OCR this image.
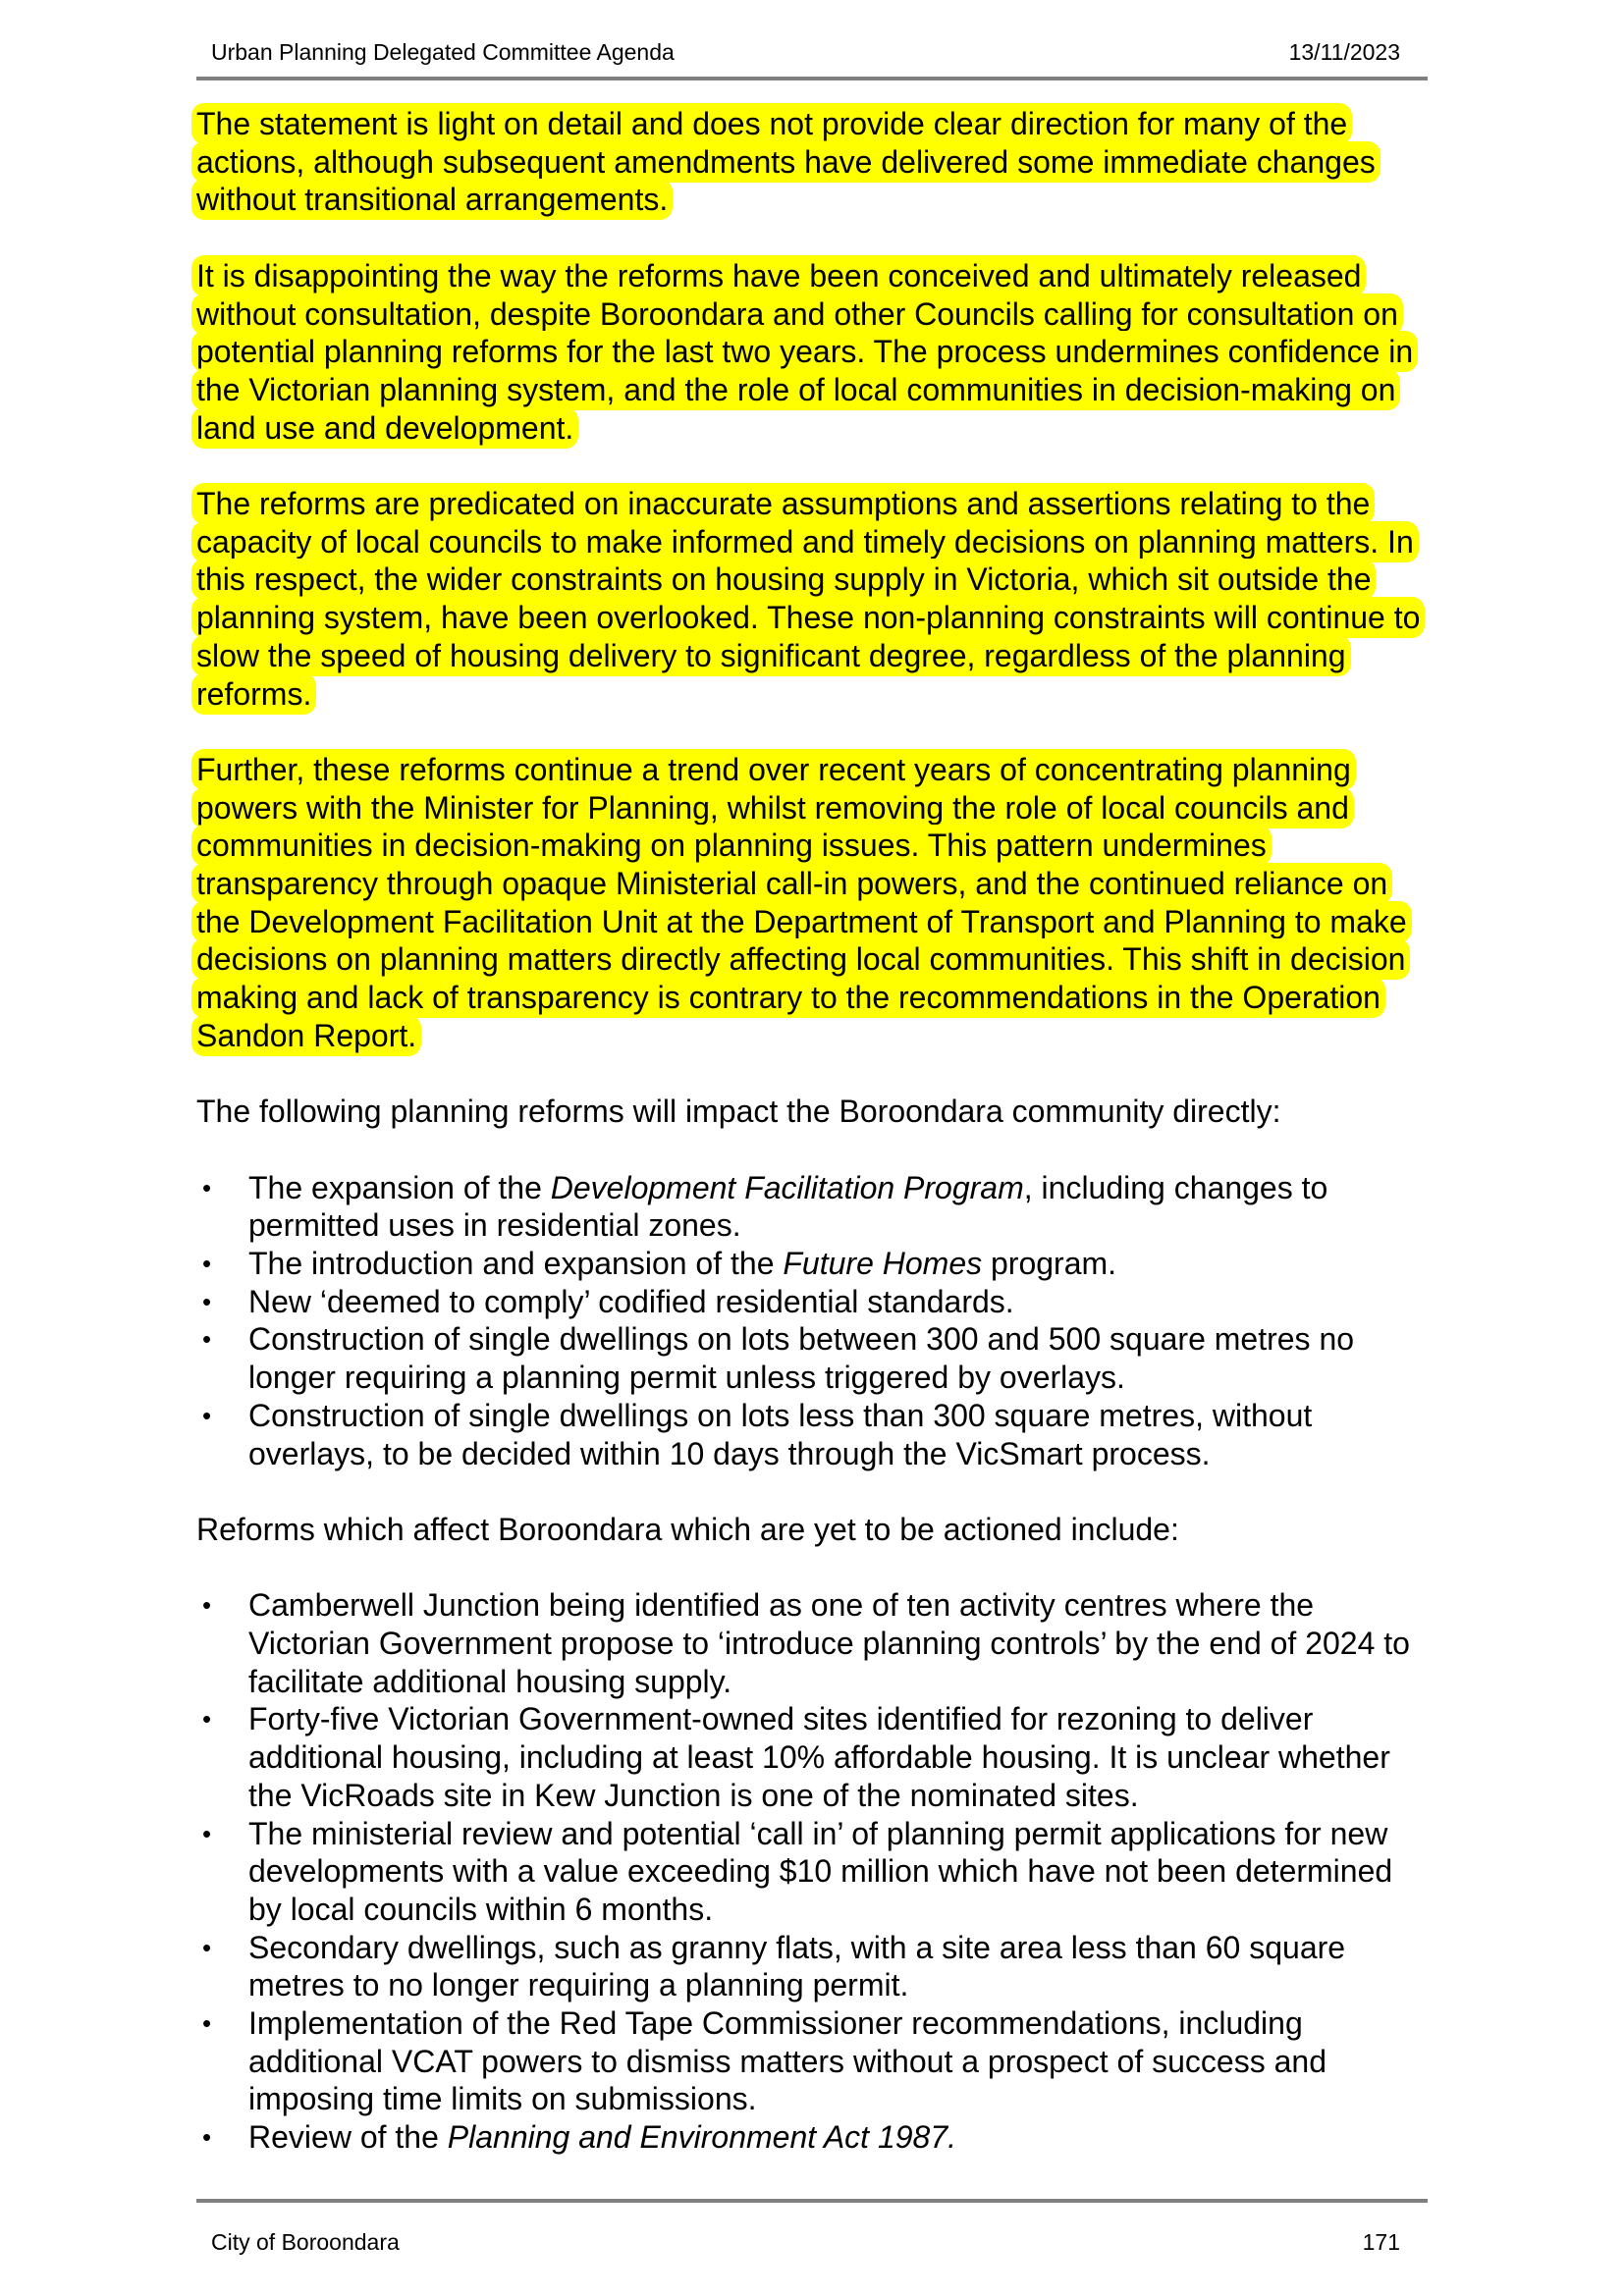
Urban Planning Delegated Committee Agenda	13/11/2023

The statement is light on detail and does not provide clear direction for many of the actions, although subsequent amendments have delivered some immediate changes without transitional arrangements.

It is disappointing the way the reforms have been conceived and ultimately released without consultation, despite Boroondara and other Councils calling for consultation on potential planning reforms for the last two years. The process undermines confidence in the Victorian planning system, and the role of local communities in decision-making on land use and development.

The reforms are predicated on inaccurate assumptions and assertions relating to the capacity of local councils to make informed and timely decisions on planning matters. In this respect, the wider constraints on housing supply in Victoria, which sit outside the planning system, have been overlooked. These non-planning constraints will continue to slow the speed of housing delivery to significant degree, regardless of the planning reforms.

Further, these reforms continue a trend over recent years of concentrating planning powers with the Minister for Planning, whilst removing the role of local councils and communities in decision-making on planning issues. This pattern undermines transparency through opaque Ministerial call-in powers, and the continued reliance on the Development Facilitation Unit at the Department of Transport and Planning to make decisions on planning matters directly affecting local communities. This shift in decision making and lack of transparency is contrary to the recommendations in the Operation Sandon Report.

The following planning reforms will impact the Boroondara community directly:

• The expansion of the Development Facilitation Program, including changes to permitted uses in residential zones.
• The introduction and expansion of the Future Homes program.
• New ‘deemed to comply’ codified residential standards.
• Construction of single dwellings on lots between 300 and 500 square metres no longer requiring a planning permit unless triggered by overlays.
• Construction of single dwellings on lots less than 300 square metres, without overlays, to be decided within 10 days through the VicSmart process.

Reforms which affect Boroondara which are yet to be actioned include:

• Camberwell Junction being identified as one of ten activity centres where the Victorian Government propose to ‘introduce planning controls’ by the end of 2024 to facilitate additional housing supply.
• Forty-five Victorian Government-owned sites identified for rezoning to deliver additional housing, including at least 10% affordable housing. It is unclear whether the VicRoads site in Kew Junction is one of the nominated sites.
• The ministerial review and potential ‘call in’ of planning permit applications for new developments with a value exceeding $10 million which have not been determined by local councils within 6 months.
• Secondary dwellings, such as granny flats, with a site area less than 60 square metres to no longer requiring a planning permit.
• Implementation of the Red Tape Commissioner recommendations, including additional VCAT powers to dismiss matters without a prospect of success and imposing time limits on submissions.
• Review of the Planning and Environment Act 1987.
City of Boroondara	171
